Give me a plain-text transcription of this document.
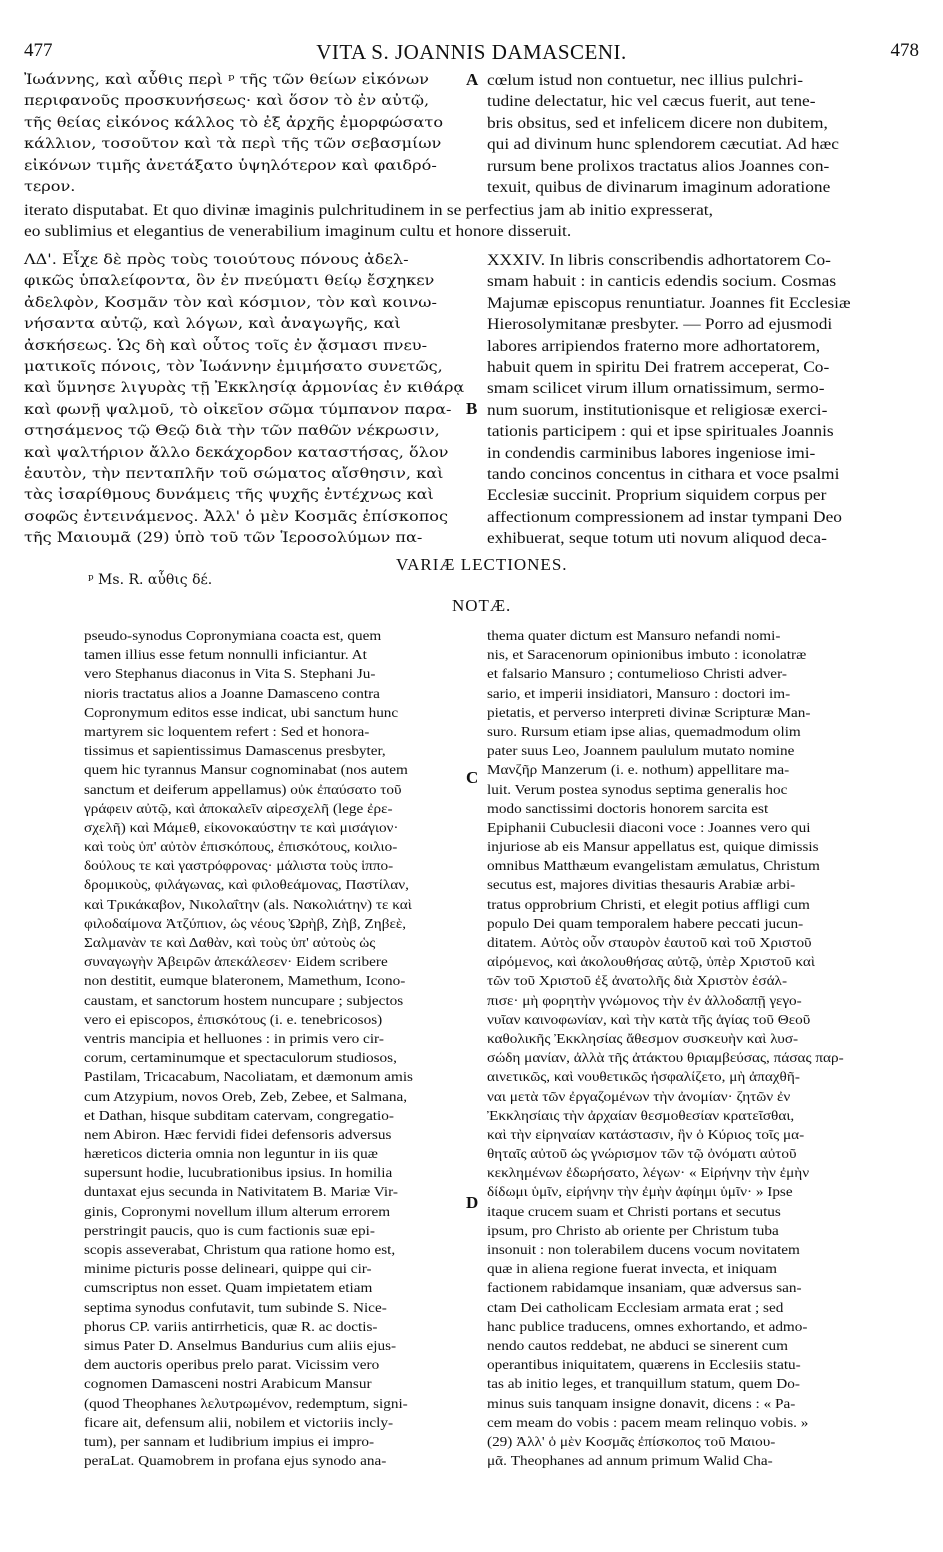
477	VITA S. JOANNIS DAMASCENI.	478

Ἰωάννης, καὶ αὖθις περὶ ᵖ τῆς τῶν θείων εἰκόνων

περιφανοῦς προσκυνήσεως· καὶ ὅσον τὸ ἐν αὐτῷ,

τῆς θείας εἰκόνος κάλλος τὸ ἐξ ἀρχῆς ἐμορφώσατο

κάλλιον, τοσοῦτον καὶ τὰ περὶ τῆς τῶν σεβασμίων

εἰκόνων τιμῆς ἀνετάξατο ὑψηλότερον καὶ φαιδρό-

τερον.

A cœlum istud non contuetur, nec illius pulchri-

tudine delectatur, hic vel cæcus fuerit, aut tene-

bris obsitus, sed et infelicem dicere non dubitem,

qui ad divinum hunc splendorem cæcutiat. Ad hæc

rursum bene prolixos tractatus alios Joannes con-

texuit, quibus de divinarum imaginum adoratione

iterato disputabat. Et quo divinæ imaginis pulchritudinem in se perfectius jam ab initio expresserat,
eo sublimius et elegantius de venerabilium imaginum cultu et honore disseruit.

ΛΔ'. Εἶχε δὲ πρὸς τοὺς τοιούτους πόνους ἀδελ-

φικῶς ὑπαλείφοντα, ὃν ἐν πνεύματι θείῳ ἔσχηκεν

ἀδελφὸν, Κοσμᾶν τὸν καὶ κόσμιον, τὸν καὶ κοινω-

νήσαντα αὐτῷ, καὶ λόγων, καὶ ἀναγωγῆς, καὶ

ἀσκήσεως. Ὡς δὴ καὶ οὗτος τοῖς ἐν ᾄσμασι πνευ-

ματικοῖς πόνοις, τὸν Ἰωάννην ἐμιμήσατο συνετῶς,

καὶ ὕμνησε λιγυρὰς τῇ Ἐκκλησίᾳ ἁρμονίας ἐν κιθάρᾳ

καὶ φωνῇ ψαλμοῦ, τὸ οἰκεῖον σῶμα τύμπανον παρα-

στησάμενος τῷ Θεῷ διὰ τὴν τῶν παθῶν νέκρωσιν,

καὶ ψαλτήριον ἄλλο δεκάχορδον καταστήσας, ὅλον

ἑαυτὸν, τὴν πενταπλῆν τοῦ σώματος αἴσθησιν, καὶ

τὰς ἰσαρίθμους δυνάμεις τῆς ψυχῆς ἐντέχνως καὶ

σοφῶς ἐντεινάμενος. Ἀλλ' ὁ μὲν Κοσμᾶς ἐπίσκοπος

τῆς Μαιουμᾶ (29) ὑπὸ τοῦ τῶν Ἱεροσολύμων πα-

B

XXXIV. In libris conscribendis adhortatorem Co-

smam habuit : in canticis edendis socium. Cosmas

Majumæ episcopus renuntiatur. Joannes fit Ecclesiæ

Hierosolymitanæ presbyter. — Porro ad ejusmodi

labores arripiendos fraterno more adhortatorem,

habuit quem in spiritu Dei fratrem acceperat, Co-

smam scilicet virum illum ornatissimum, sermo-

num suorum, institutionisque et religiosæ exerci-

tationis participem : qui et ipse spirituales Joannis

in condendis carminibus labores ingeniose imi-

tando concinos concentus in cithara et voce psalmi

Ecclesiæ succinit. Proprium siquidem corpus per

affectionum compressionem ad instar tympani Deo

exhibuerat, seque totum uti novum aliquod deca-

VARIÆ LECTIONES.
ᵖ Ms. R. αὖθις δέ.
NOTÆ.

pseudo-synodus Copronymiana coacta est, quem

tamen illius esse fetum nonnulli inficiantur. At

vero Stephanus diaconus in Vita S. Stephani Ju-

nioris tractatus alios a Joanne Damasceno contra

Copronymum editos esse indicat, ubi sanctum hunc

martyrem sic loquentem refert : Sed et honora-

tissimus et sapientissimus Damascenus presbyter,

quem hic tyrannus Mansur cognominabat (nos autem

sanctum et deiferum appellamus) οὐκ ἐπαύσατο τοῦ

γράφειν αὐτῷ, καὶ ἀποκαλεῖν αἱρεσχελῆ (lege ἐρε-

σχελῆ) καὶ Μάμεθ, εἰκονοκαύστην τε καὶ μισάγιον·

καὶ τοὺς ὑπ' αὐτὸν ἐπισκόπους, ἐπισκότους, κοιλιο-

δούλους τε καὶ γαστρόφρονας· μάλιστα τοὺς ἱππο-

δρομικοὺς, φιλάγωνας, καὶ φιλοθεάμονας, Παστίλαν,

καὶ Τρικάκαβον, Νικολαΐτην (als. Νακολιάτην) τε καὶ

φιλοδαίμονα Ἀτζύπιον, ὡς νέους Ὠρὴβ, Ζὴβ, Ζηβεὲ,

Σαλμανὰν τε καὶ Δαθὰν, καὶ τοὺς ὑπ' αὐτοὺς ὡς

συναγωγὴν Ἀβειρῶν ἀπεκάλεσεν· Eidem scribere

non destitit, eumque blateronem, Mamethum, Icono-

caustam, et sanctorum hostem nuncupare ; subjectos

vero ei episcopos, ἐπισκότους (i. e. tenebricosos)

ventris mancipia et helluones : in primis vero cir-

corum, certaminumque et spectaculorum studiosos,

Pastilam, Tricacabum, Nacoliatam, et dæmonum amis

cum Atzypium, novos Oreb, Zeb, Zebee, et Salmana,

et Dathan, hisque subditam catervam, congregatio-

nem Abiron. Hæc fervidi fidei defensoris adversus

hæreticos dicteria omnia non leguntur in iis quæ

supersunt hodie, lucubrationibus ipsius. In homilia

duntaxat ejus secunda in Nativitatem B. Mariæ Vir-

ginis, Copronymi novellum illum alterum errorem

perstringit paucis, quo is cum factionis suæ epi-

scopis asseverabat, Christum qua ratione homo est,

minime picturis posse delineari, quippe qui cir-

cumscriptus non esset. Quam impietatem etiam

septima synodus confutavit, tum subinde S. Nice-

phorus CP. variis antirrheticis, quæ R. ac doctis-

simus Pater D. Anselmus Bandurius cum aliis ejus-

dem auctoris operibus prelo parat. Vicissim vero

cognomen Damasceni nostri Arabicum Mansur

(quod Theophanes λελυτρωμένον, redemptum, signi-

ficare ait, defensum alii, nobilem et victoriis incly-

tum), per sannam et ludibrium impius ei impro-

peraLat. Quamobrem in profana ejus synodo ana-

C
D

thema quater dictum est Mansuro nefandi nomi-

nis, et Saracenorum opinionibus imbuto : iconolatræ

et falsario Mansuro ; contumelioso Christi adver-

sario, et imperii insidiatori, Mansuro : doctori im-

pietatis, et perverso interpreti divinæ Scripturæ Man-

suro. Rursum etiam ipse alias, quemadmodum olim

pater suus Leo, Joannem paululum mutato nomine

Μανζῆρ Manzerum (i. e. nothum) appellitare ma-

luit. Verum postea synodus septima generalis hoc

modo sanctissimi doctoris honorem sarcita est

Epiphanii Cubuclesii diaconi voce : Joannes vero qui

injuriose ab eis Mansur appellatus est, quique dimissis

omnibus Matthæum evangelistam æmulatus, Christum

secutus est, majores divitias thesauris Arabiæ arbi-

tratus opprobrium Christi, et elegit potius affligi cum

populo Dei quam temporalem habere peccati jucun-

ditatem. Αὐτὸς οὖν σταυρὸν ἑαυτοῦ καὶ τοῦ Χριστοῦ

αἰρόμενος, καὶ ἀκολουθήσας αὐτῷ, ὑπὲρ Χριστοῦ καὶ

τῶν τοῦ Χριστοῦ ἐξ ἀνατολῆς διὰ Χριστὸν ἐσάλ-

πισε· μὴ φορητὴν γνώμονος τὴν ἐν ἀλλοδαπῇ γεγο-

νυῖαν καινοφωνίαν, καὶ τὴν κατὰ τῆς ἁγίας τοῦ Θεοῦ

καθολικῆς Ἐκκλησίας ἄθεσμον συσκευὴν καὶ λυσ-

σώδη μανίαν, ἀλλὰ τῆς ἀτάκτου θριαμβεύσας, πάσας παρ-

αινετικῶς, καὶ νουθετικῶς ἠσφαλίζετο, μὴ ἀπαχθῆ-

ναι μετὰ τῶν ἐργαζομένων τὴν ἀνομίαν· ζητῶν ἐν

Ἐκκλησίαις τὴν ἀρχαίαν θεσμοθεσίαν κρατεῖσθαι,

καὶ τὴν εἰρηναίαν κατάστασιν, ἣν ὁ Κύριος τοῖς μα-

θηταῖς αὐτοῦ ὡς γνώρισμον τῶν τῷ ὀνόματι αὐτοῦ

κεκλημένων ἐδωρήσατο, λέγων· « Εἰρήνην τὴν ἐμὴν

δίδωμι ὑμῖν, εἰρήνην τὴν ἐμὴν ἀφίημι ὑμῖν· » Ipse

itaque crucem suam et Christi portans et secutus

ipsum, pro Christo ab oriente per Christum tuba

insonuit : non tolerabilem ducens vocum novitatem

quæ in aliena regione fuerat invecta, et iniquam

factionem rabidamque insaniam, quæ adversus san-

ctam Dei catholicam Ecclesiam armata erat ; sed

hanc publice traducens, omnes exhortando, et admo-

nendo cautos reddebat, ne abduci se sinerent cum

operantibus iniquitatem, quærens in Ecclesiis statu-

tas ab initio leges, et tranquillum statum, quem Do-

minus suis tanquam insigne donavit, dicens : « Pa-

cem meam do vobis : pacem meam relinquo vobis. »

(29) Ἀλλ' ὁ μὲν Κοσμᾶς ἐπίσκοπος τοῦ Μαιου-

μᾶ. Theophanes ad annum primum Walid Cha-
